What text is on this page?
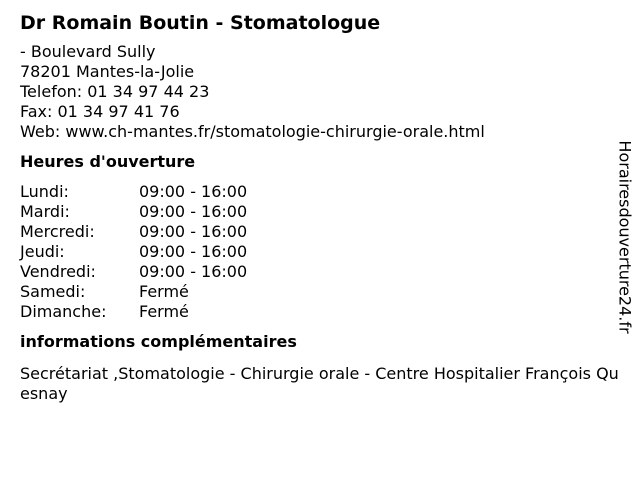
Dr Romain Boutin - Stomatologue
- Boulevard Sully
78201 Mantes-la-Jolie
Telefon: 01 34 97 44 23
Fax: 01 34 97 41 76
Web: www.ch-mantes.fr/stomatologie-chirurgie-orale.html
Heures d'ouverture
Lundi:	09:00 - 16:00
Mardi:	09:00 - 16:00
Mercredi:	09:00 - 16:00
Jeudi:	09:00 - 16:00
Vendredi:	09:00 - 16:00
Samedi:	Fermé
Dimanche:	Fermé
informations complémentaires
Secrétariat ,Stomatologie - Chirurgie orale - Centre Hospitalier François Quesnay
Horairesdouverture24.fr
